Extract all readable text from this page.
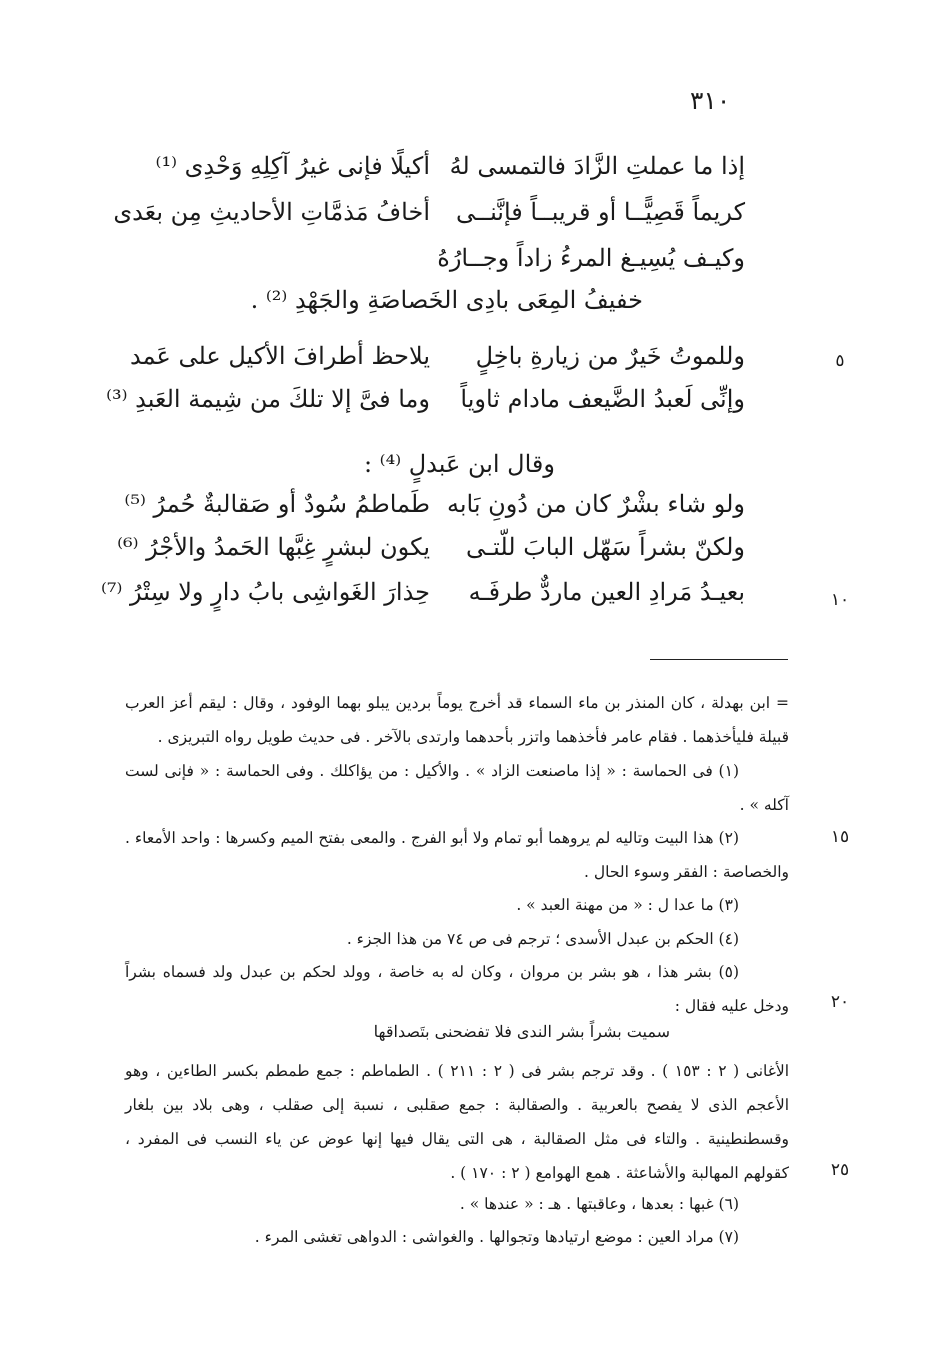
٣١٠
إذا ما عملتِ الزَّادَ فالتمسى لهُ
أكيلًا فإنى غيرُ آكِلِهِ وَحْدِى ⁽¹⁾
كريماً قَصِيًّــا أو قريبــاً فإنَّنــى
أخافُ مَذمَّاتِ الأحاديثِ مِن بعَدى
وكيـف يُسِيـغ المرءُ زاداً وجــارُهُ
خفيفُ المِعَى بادِى الخَصاصَةِ والجَهْدِ ⁽²⁾ .
٥
وللموتُ خَيرٌ من زيارةِ باخِلٍ
يلاحظ أطرافَ الأكيل على عَمد
وإنِّى لَعبدُ الضَّيعف مادام ثاوياً
وما فىَّ إلا تلكَ من شِيمة العَبدِ ⁽³⁾
وقال ابن عَبدلٍ ⁽⁴⁾ :
ولو شاء بشْرٌ كان من دُونِ بَابه
طَماطمُ سُودٌ أو صَقالبةٌ حُمرُ ⁽⁵⁾
ولكنّ بشراً سَهّل البابَ للّتـى
يكون لبشرٍ غِبَّها الحَمدُ والأجْرُ ⁽⁶⁾
١٠
بعيـدُ مَرادِ العين ماردٌّ طرفَـه
حِذارَ الغَواشِى بابُ دارٍ ولا سِتْرُ ⁽⁷⁾
= ابن بهدلة ، كان المنذر بن ماء السماء قد أخرج يوماً بردين يبلو بهما الوفود ، وقال : ليقم أعز العرب قبيلة فليأخذهما . فقام عامر فأخذهما واتزر بأحدهما وارتدى بالآخر . فى حديث طويل رواه التبريزى .
(١) فى الحماسة : « إذا ماصنعت الزاد » . والأكيل : من يؤاكلك . وفى الحماسة : « فإنى لست آكله » .
١٥
(٢) هذا البيت وتاليه لم يروهما أبو تمام ولا أبو الفرج . والمعى بفتح الميم وكسرها : واحد الأمعاء . والخصاصة : الفقر وسوء الحال .
(٣) ما عدا ل : « من مهنة العبد » .
(٤) الحكم بن عبدل الأسدى ؛ ترجم فى ص ٧٤ من هذا الجزء .
٢٠
(٥) بشر هذا ، هو بشر بن مروان ، وكان له به خاصة ، وولد لحكم بن عبدل ولد فسماه بشراً ودخل عليه فقال :
سميت بشراً بشر الندى فلا تفضحنى بتَصداقها
٢٥
الأغانى ( ٢ : ١٥٣ ) . وقد ترجم بشر فى ( ٢ : ٢١١ ) . الطماطم : جمع طمطم بكسر الطاءين ، وهو الأعجم الذى لا يفصح بالعربية . والصقالبة : جمع صقلبى ، نسبة إلى صقلب ، وهى بلاد بين بلغار وقسطنطينية . والتاء فى مثل الصقالبة ، هى التى يقال فيها إنها عوض عن ياء النسب فى المفرد ، كقولهم المهالبة والأشاعثة . همع الهوامع ( ٢ : ١٧٠ ) .
(٦) غبها : بعدها ، وعاقبتها . هـ : « عندها » .
(٧) مراد العين : موضع ارتيادها وتجوالها . والغواشى : الدواهى تغشى المرء .
